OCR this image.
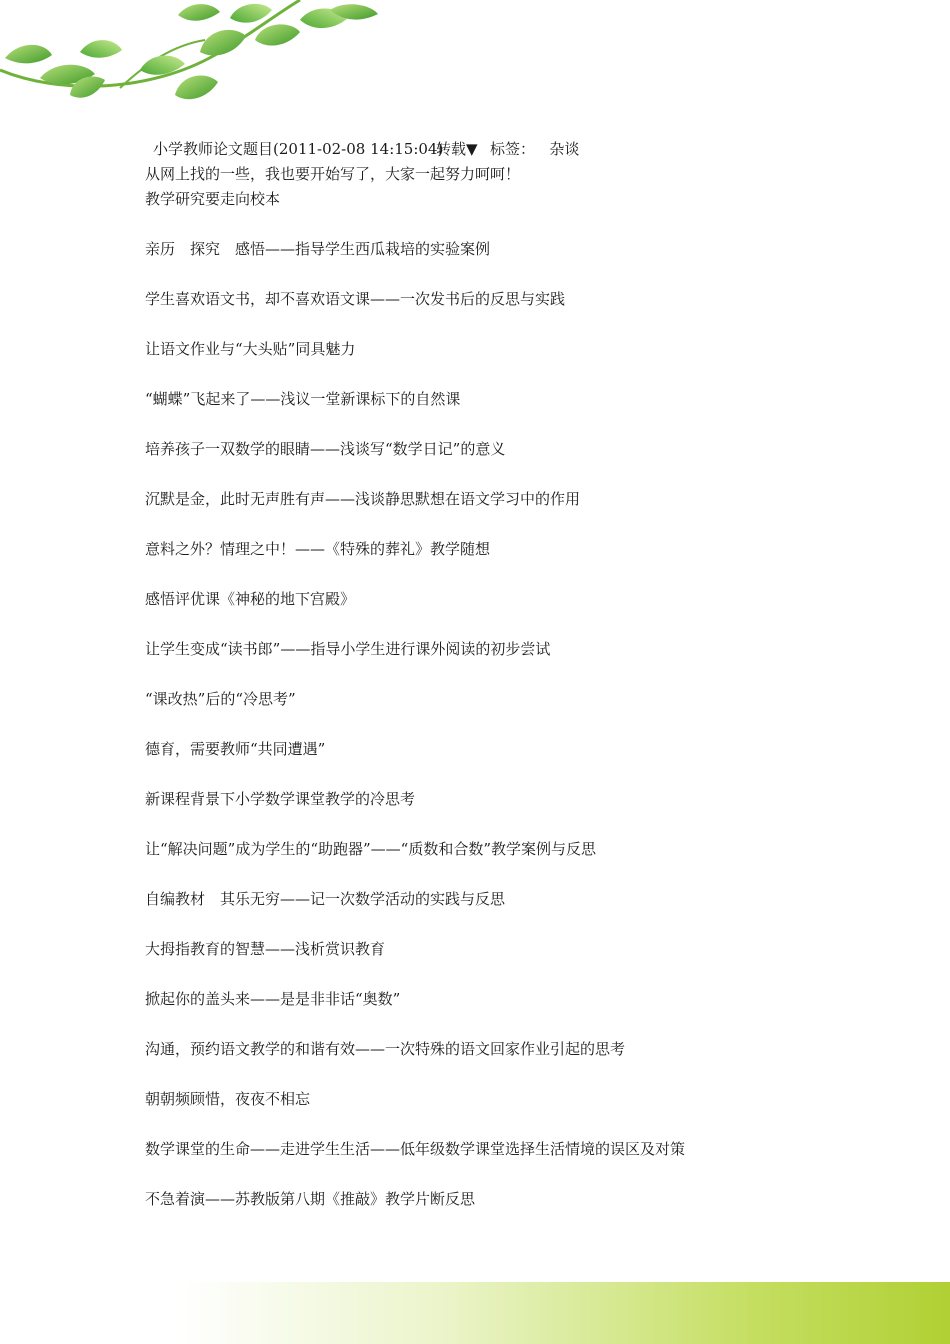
小学教师论文题目(2011-02-08 14:15:04)
转载▼ 标签： 杂谈
从网上找的一些，我也要开始写了，大家一起努力呵呵！
教学研究要走向校本
亲历　探究　感悟——指导学生西瓜栽培的实验案例
学生喜欢语文书，却不喜欢语文课——一次发书后的反思与实践
让语文作业与“大头贴”同具魅力
“蝴蝶”飞起来了——浅议一堂新课标下的自然课
培养孩子一双数学的眼睛——浅谈写“数学日记”的意义
沉默是金，此时无声胜有声——浅谈静思默想在语文学习中的作用
意料之外？情理之中！——《特殊的葬礼》教学随想
感悟评优课《神秘的地下宫殿》
让学生变成“读书郎”——指导小学生进行课外阅读的初步尝试
“课改热”后的“冷思考”
德育，需要教师“共同遭遇”
新课程背景下小学数学课堂教学的冷思考
让“解决问题”成为学生的“助跑器”——“质数和合数”教学案例与反思
自编教材　其乐无穷——记一次数学活动的实践与反思
大拇指教育的智慧——浅析赏识教育
掀起你的盖头来——是是非非话“奥数”
沟通，预约语文教学的和谐有效——一次特殊的语文回家作业引起的思考
朝朝频顾惜，夜夜不相忘
数学课堂的生命——走进学生生活——低年级数学课堂选择生活情境的误区及对策
不急着演——苏教版第八期《推敲》教学片断反思
